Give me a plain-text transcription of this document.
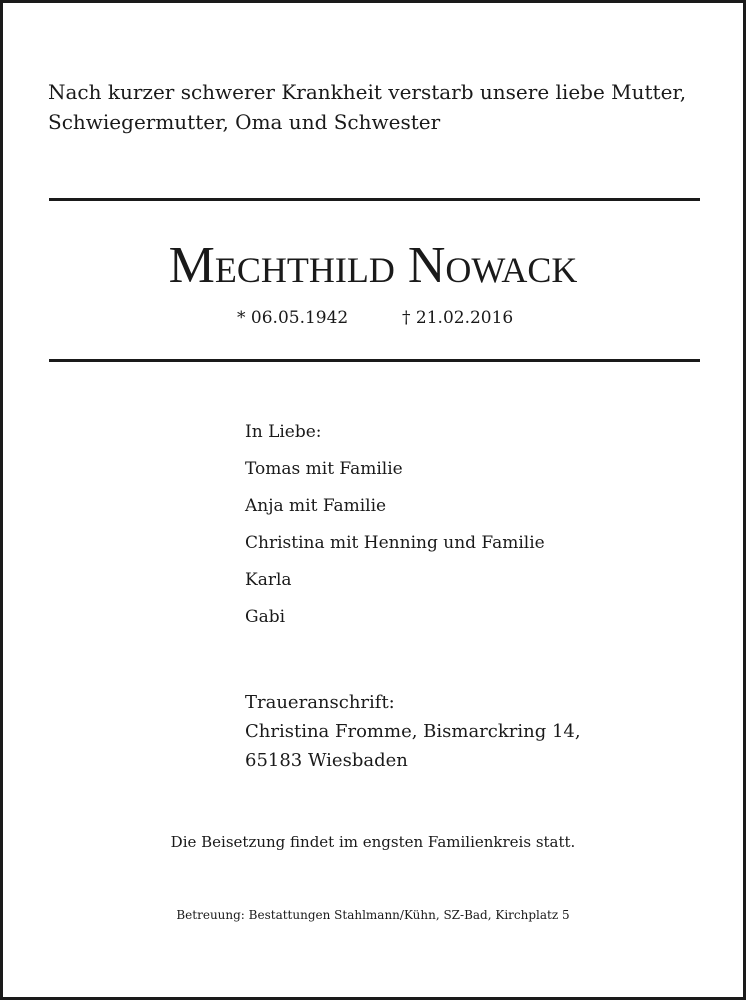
Nach kurzer schwerer Krankheit verstarb unsere liebe Mutter,
Schwiegermutter, Oma und Schwester
Mechthild Nowack
* 06.05.1942	† 21.02.2016
In Liebe:
Tomas mit Familie
Anja mit Familie
Christina mit Henning und Familie
Karla
Gabi
Traueranschrift:
Christina Fromme, Bismarckring 14,
65183 Wiesbaden
Die Beisetzung findet im engsten Familienkreis statt.
Betreuung: Bestattungen Stahlmann/Kühn, SZ-Bad, Kirchplatz 5
